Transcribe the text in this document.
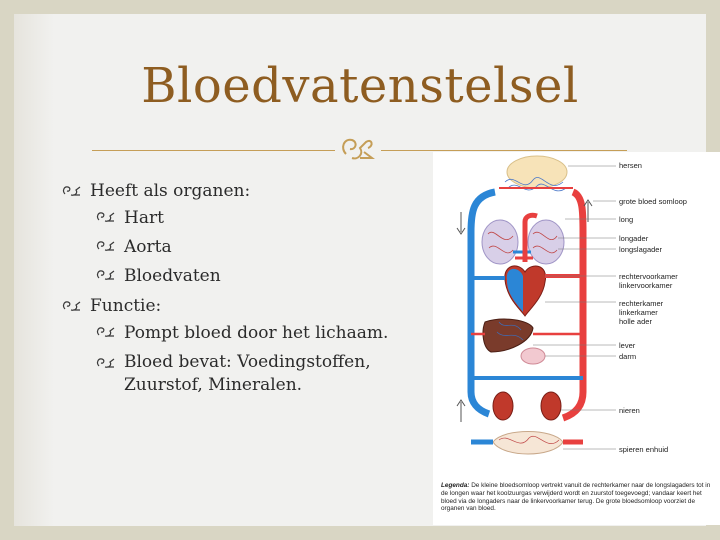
Bloedvatenstelsel
Heeft als organen:
Hart
Aorta
Bloedvaten
Functie:
Pompt bloed door het lichaam.
Bloed bevat: Voedingstoffen, Zuurstof, Mineralen.
hersen
grote bloed somloop
long
longader
longslagader
rechtervoorkamer
linkervoorkamer
rechterkamer
linkerkamer
holle ader
lever
darm
nieren
spieren enhuid
Legenda: De kleine bloedsomloop vertrekt vanuit de rechterkamer naar de longslagaders tot in de longen waar het koolzuurgas verwijderd wordt en zuurstof toegevoegd; vandaar keert het bloed via de longaders naar de linkervoorkamer terug. De grote bloedsomloop voorziet de organen van bloed.
